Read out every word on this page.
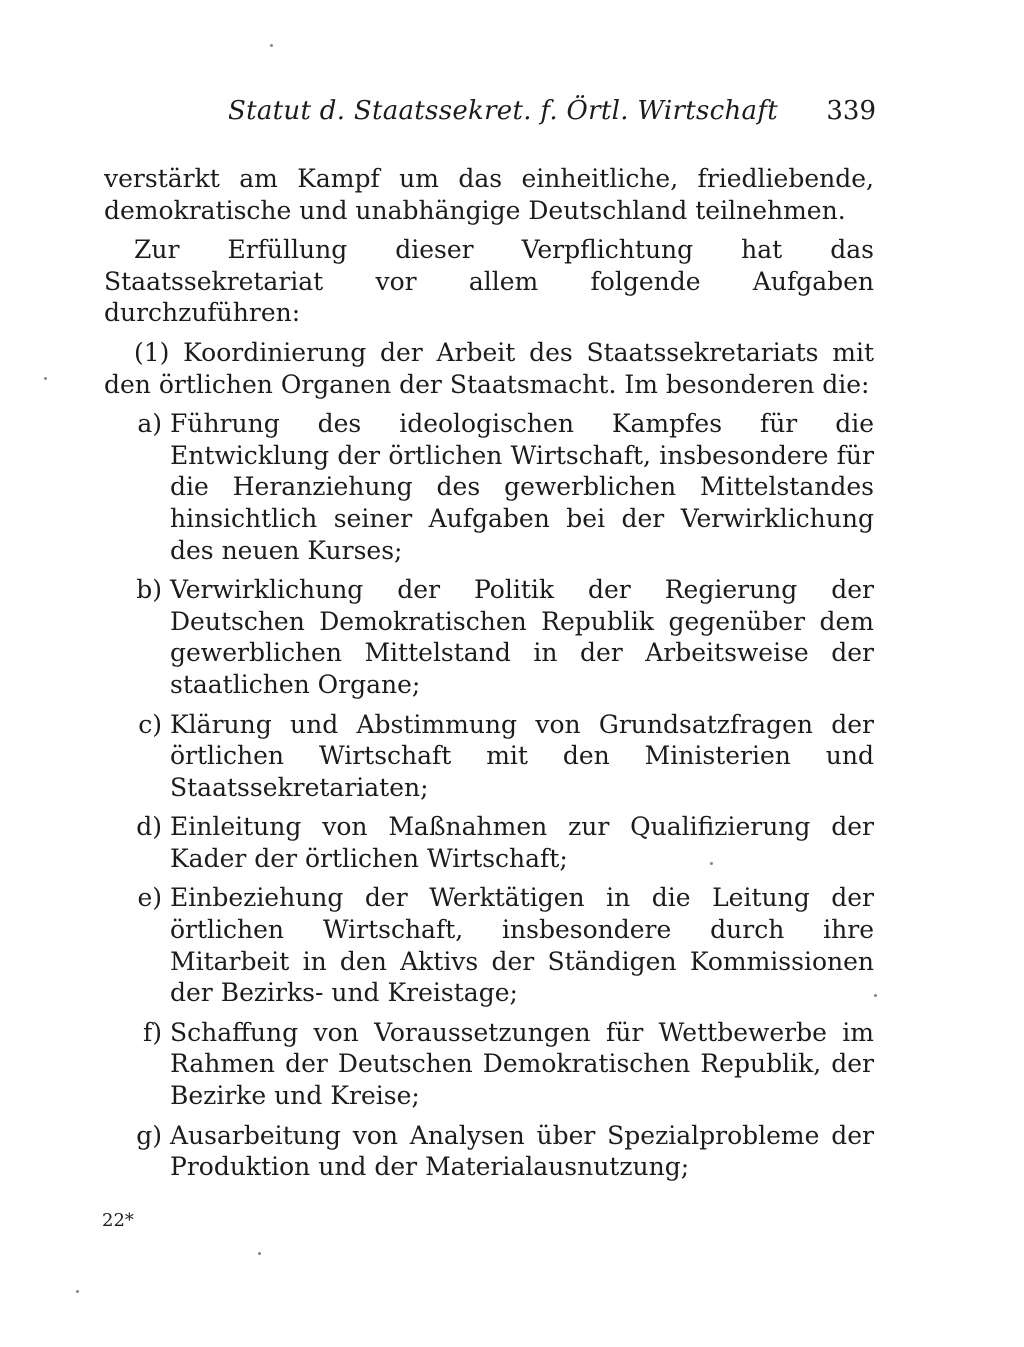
Statut d. Staatssekret. f. Örtl. Wirtschaft 339

verstärkt am Kampf um das einheitliche, friedliebende, demokratische und unabhängige Deutschland teilnehmen.

Zur Erfüllung dieser Verpflichtung hat das Staatssekretariat vor allem folgende Aufgaben durchzuführen:

(1) Koordinierung der Arbeit des Staatssekretariats mit den örtlichen Organen der Staatsmacht. Im besonderen die:

a) Führung des ideologischen Kampfes für die Entwicklung der örtlichen Wirtschaft, insbesondere für die Heranziehung des gewerblichen Mittelstandes hinsichtlich seiner Aufgaben bei der Verwirklichung des neuen Kurses;
b) Verwirklichung der Politik der Regierung der Deutschen Demokratischen Republik gegenüber dem gewerblichen Mittelstand in der Arbeitsweise der staatlichen Organe;
c) Klärung und Abstimmung von Grundsatzfragen der örtlichen Wirtschaft mit den Ministerien und Staatssekretariaten;
d) Einleitung von Maßnahmen zur Qualifizierung der Kader der örtlichen Wirtschaft;
e) Einbeziehung der Werktätigen in die Leitung der örtlichen Wirtschaft, insbesondere durch ihre Mitarbeit in den Aktivs der Ständigen Kommissionen der Bezirks- und Kreistage;
f) Schaffung von Voraussetzungen für Wettbewerbe im Rahmen der Deutschen Demokratischen Republik, der Bezirke und Kreise;
g) Ausarbeitung von Analysen über Spezialprobleme der Produktion und der Materialausnutzung;
22*
